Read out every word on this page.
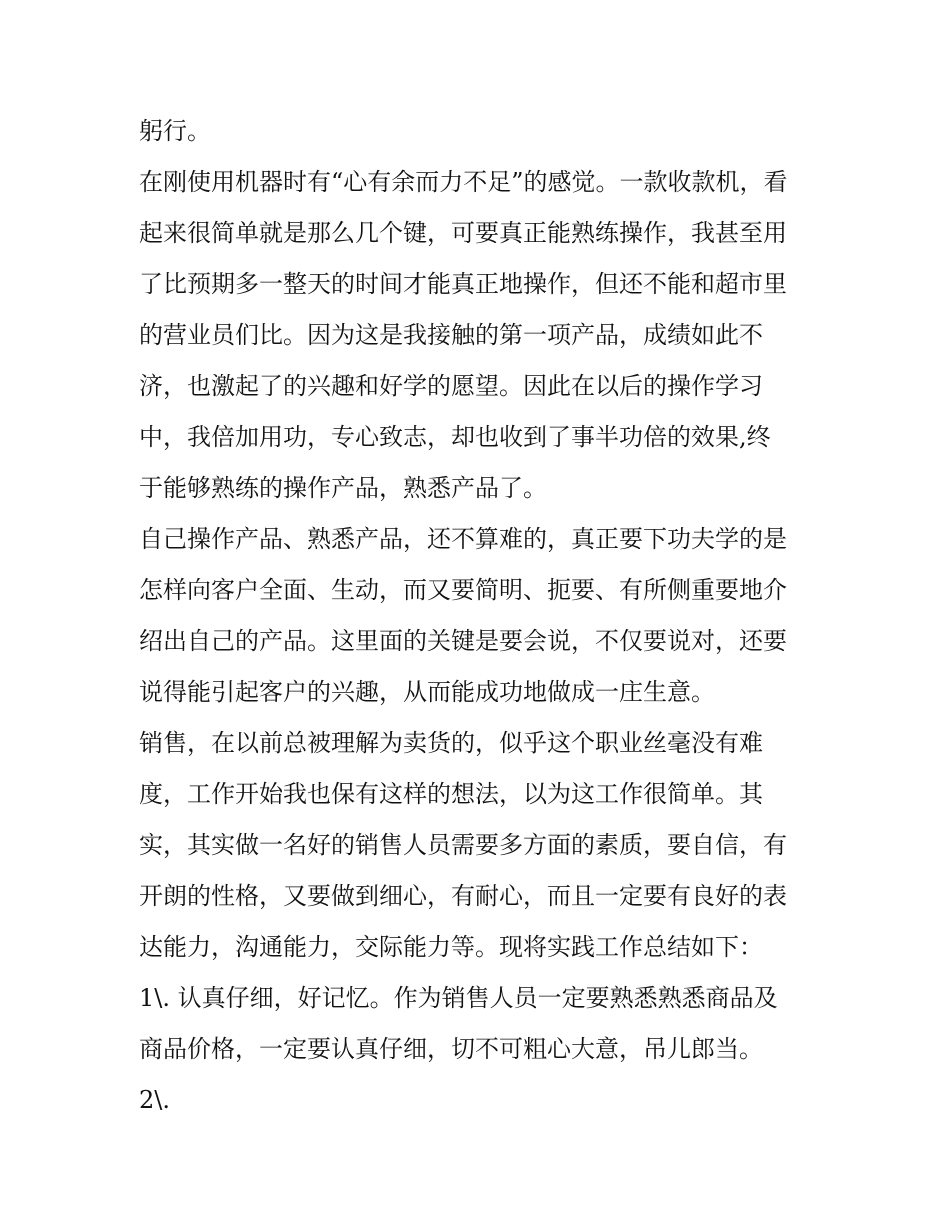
躬行。
在刚使用机器时有“心有余而力不足”的感觉。一款收款机，看
起来很简单就是那么几个键，可要真正能熟练操作，我甚至用
了比预期多一整天的时间才能真正地操作，但还不能和超市里
的营业员们比。因为这是我接触的第一项产品，成绩如此不
济，也激起了的兴趣和好学的愿望。因此在以后的操作学习
中，我倍加用功，专心致志，却也收到了事半功倍的效果,终
于能够熟练的操作产品，熟悉产品了。
自己操作产品、熟悉产品，还不算难的，真正要下功夫学的是
怎样向客户全面、生动，而又要简明、扼要、有所侧重要地介
绍出自己的产品。这里面的关键是要会说，不仅要说对，还要
说得能引起客户的兴趣，从而能成功地做成一庄生意。
销售，在以前总被理解为卖货的，似乎这个职业丝毫没有难
度，工作开始我也保有这样的想法，以为这工作很简单。其
实，其实做一名好的销售人员需要多方面的素质，要自信，有
开朗的性格，又要做到细心，有耐心，而且一定要有良好的表
达能力，沟通能力，交际能力等。现将实践工作总结如下：
1\. 认真仔细，好记忆。作为销售人员一定要熟悉熟悉商品及
商品价格，一定要认真仔细，切不可粗心大意，吊儿郎当。
2\.
